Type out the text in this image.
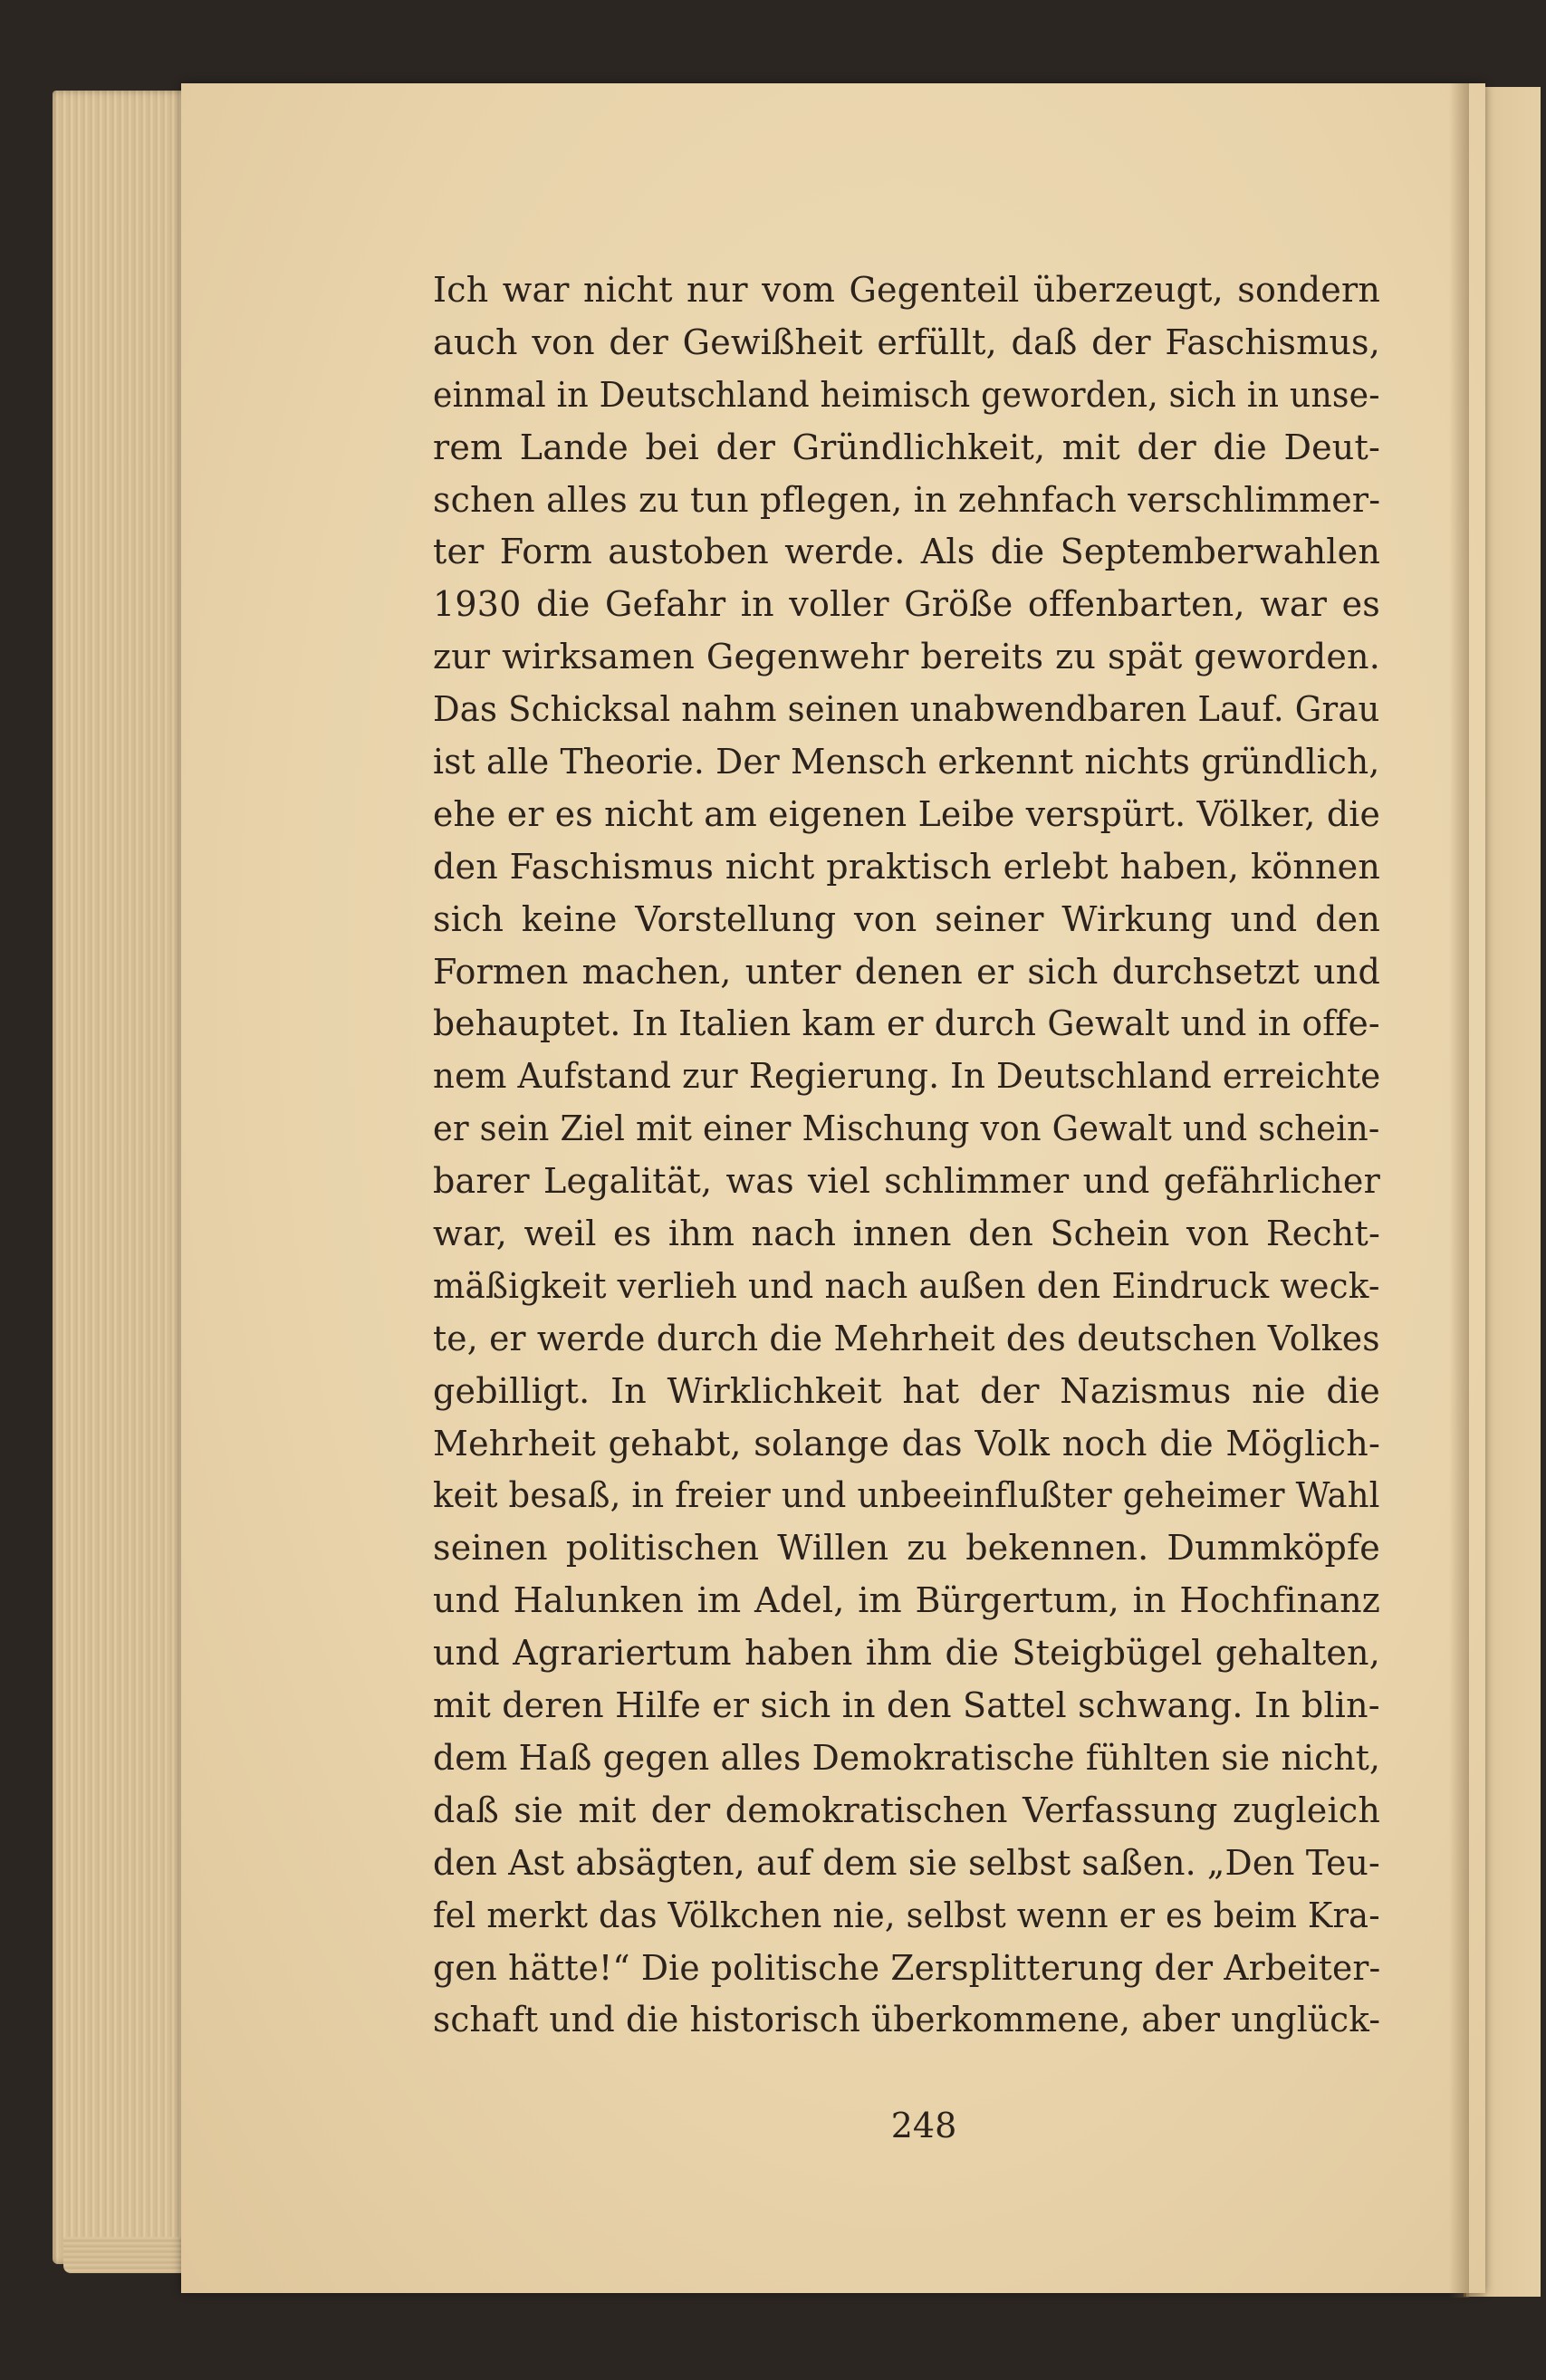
Ich war nicht nur vom Gegenteil überzeugt, sondern
auch von der Gewißheit erfüllt, daß der Faschismus,
einmal in Deutschland heimisch geworden, sich in unse-
rem Lande bei der Gründlichkeit, mit der die Deut-
schen alles zu tun pflegen, in zehnfach verschlimmer-
ter Form austoben werde. Als die Septemberwahlen
1930 die Gefahr in voller Größe offenbarten, war es
zur wirksamen Gegenwehr bereits zu spät geworden.
Das Schicksal nahm seinen unabwendbaren Lauf. Grau
ist alle Theorie. Der Mensch erkennt nichts gründlich,
ehe er es nicht am eigenen Leibe verspürt. Völker, die
den Faschismus nicht praktisch erlebt haben, können
sich keine Vorstellung von seiner Wirkung und den
Formen machen, unter denen er sich durchsetzt und
behauptet. In Italien kam er durch Gewalt und in offe-
nem Aufstand zur Regierung. In Deutschland erreichte
er sein Ziel mit einer Mischung von Gewalt und schein-
barer Legalität, was viel schlimmer und gefährlicher
war, weil es ihm nach innen den Schein von Recht-
mäßigkeit verlieh und nach außen den Eindruck weck-
te, er werde durch die Mehrheit des deutschen Volkes
gebilligt. In Wirklichkeit hat der Nazismus nie die
Mehrheit gehabt, solange das Volk noch die Möglich-
keit besaß, in freier und unbeeinflußter geheimer Wahl
seinen politischen Willen zu bekennen. Dummköpfe
und Halunken im Adel, im Bürgertum, in Hochfinanz
und Agrariertum haben ihm die Steigbügel gehalten,
mit deren Hilfe er sich in den Sattel schwang. In blin-
dem Haß gegen alles Demokratische fühlten sie nicht,
daß sie mit der demokratischen Verfassung zugleich
den Ast absägten, auf dem sie selbst saßen. „Den Teu-
fel merkt das Völkchen nie, selbst wenn er es beim Kra-
gen hätte!“ Die politische Zersplitterung der Arbeiter-
schaft und die historisch überkommene, aber unglück-
248
